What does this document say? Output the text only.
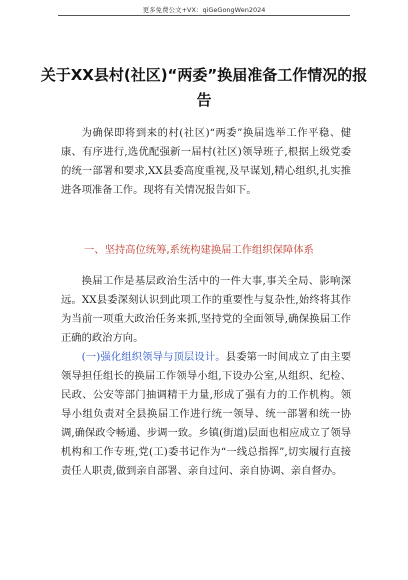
更多免费公文+VX：qiGeGongWen2024
关于XX县村(社区)“两委”换届准备工作情况的报告
为确保即将到来的村(社区)“两委”换届选举工作平稳、健康、有序进行,选优配强新一届村(社区)领导班子,根据上级党委的统一部署和要求,XX县委高度重视,及早谋划,精心组织,扎实推进各项准备工作。现将有关情况报告如下。
一、坚持高位统筹,系统构建换届工作组织保障体系
换届工作是基层政治生活中的一件大事,事关全局、影响深远。XX县委深刻认识到此项工作的重要性与复杂性,始终将其作为当前一项重大政治任务来抓,坚持党的全面领导,确保换届工作正确的政治方向。
(一)强化组织领导与顶层设计。县委第一时间成立了由主要领导担任组长的换届工作领导小组,下设办公室,从组织、纪检、民政、公安等部门抽调精干力量,形成了强有力的工作机构。领导小组负责对全县换届工作进行统一领导、统一部署和统一协调,确保政令畅通、步调一致。乡镇(街道)层面也相应成立了领导机构和工作专班,党(工)委书记作为“一线总指挥”,切实履行直接责任人职责,做到亲自部署、亲自过问、亲自协调、亲自督办。
